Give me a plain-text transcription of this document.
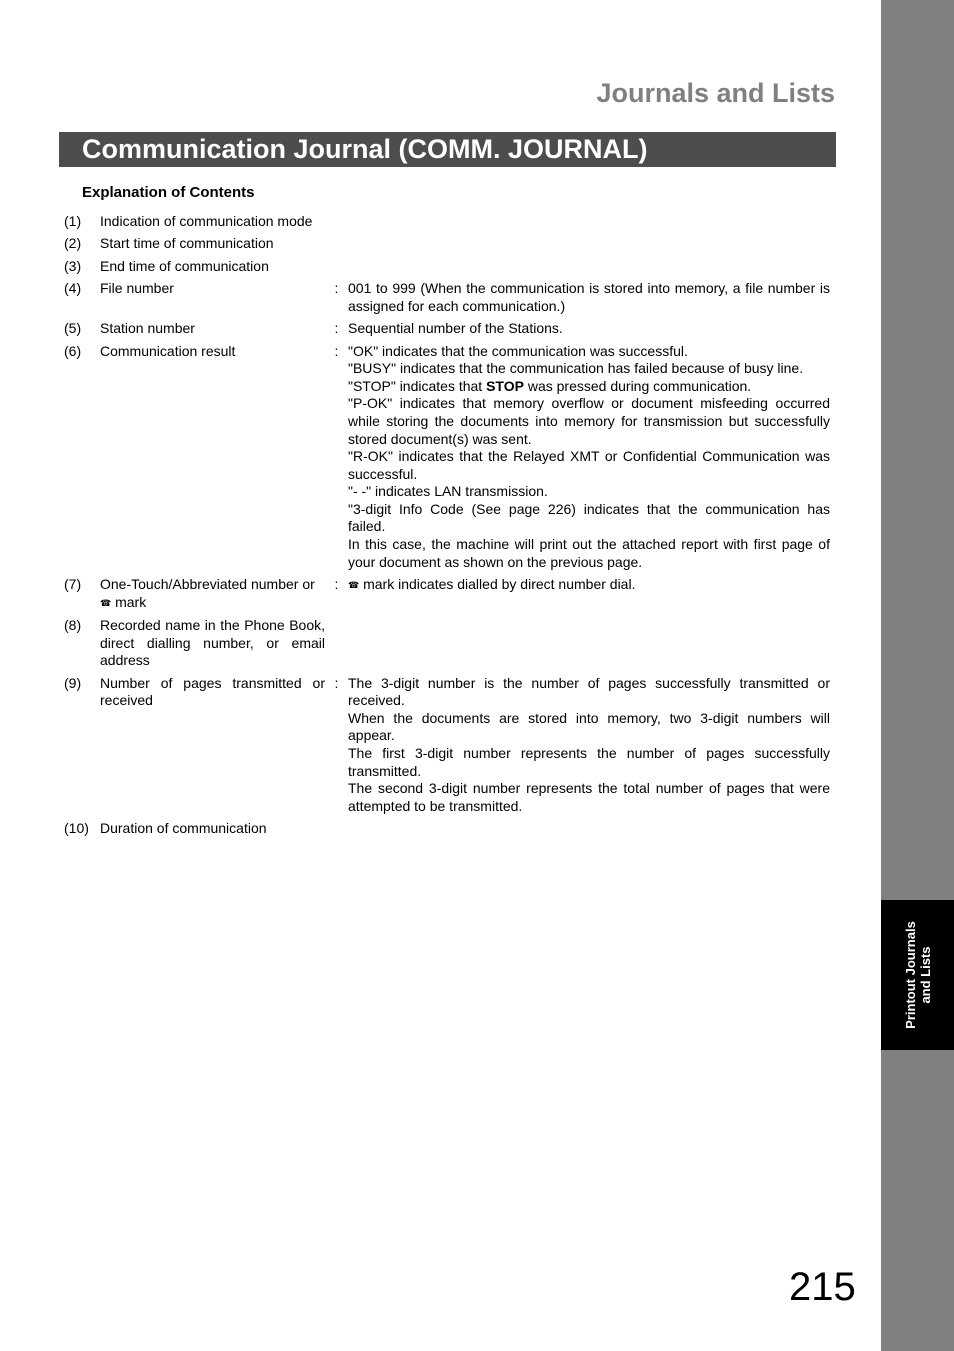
Printout Journals and Lists
Journals and Lists
Communication Journal (COMM. JOURNAL)
Explanation of Contents
(1)	Indication of communication mode
(2)	Start time of communication
(3)	End time of communication
(4)	File number	: 001 to 999 (When the communication is stored into memory, a file number is assigned for each communication.)

(5)	Station number	: Sequential number of the Stations.

(6)	Communication result	: "OK" indicates that the communication was successful.

"BUSY" indicates that the communication has failed because of busy line.

"STOP" indicates that STOP was pressed during communication.

"P-OK" indicates that memory overflow or document misfeeding occurred while storing the documents into memory for transmission but successfully stored document(s) was sent.

"R-OK" indicates that the Relayed XMT or Confidential Communication was successful.

"- -" indicates LAN transmission.

"3-digit Info Code (See page 226) indicates that the communication has failed.

In this case, the machine will print out the attached report with first page of your document as shown on the previous page.

(7)	One-Touch/Abbreviated number or
☎ mark
:	☎ mark indicates dialled by direct number dial.

(8)	Recorded name in the Phone Book, direct dialling number, or email address
(9)	Number of pages transmitted or received
: The 3-digit number is the number of pages successfully transmitted or received.

When the documents are stored into memory, two 3-digit numbers will appear.

The first 3-digit number represents the number of pages successfully transmitted.

The second 3-digit number represents the total number of pages that were attempted to be transmitted.

(10) Duration of communication
215
